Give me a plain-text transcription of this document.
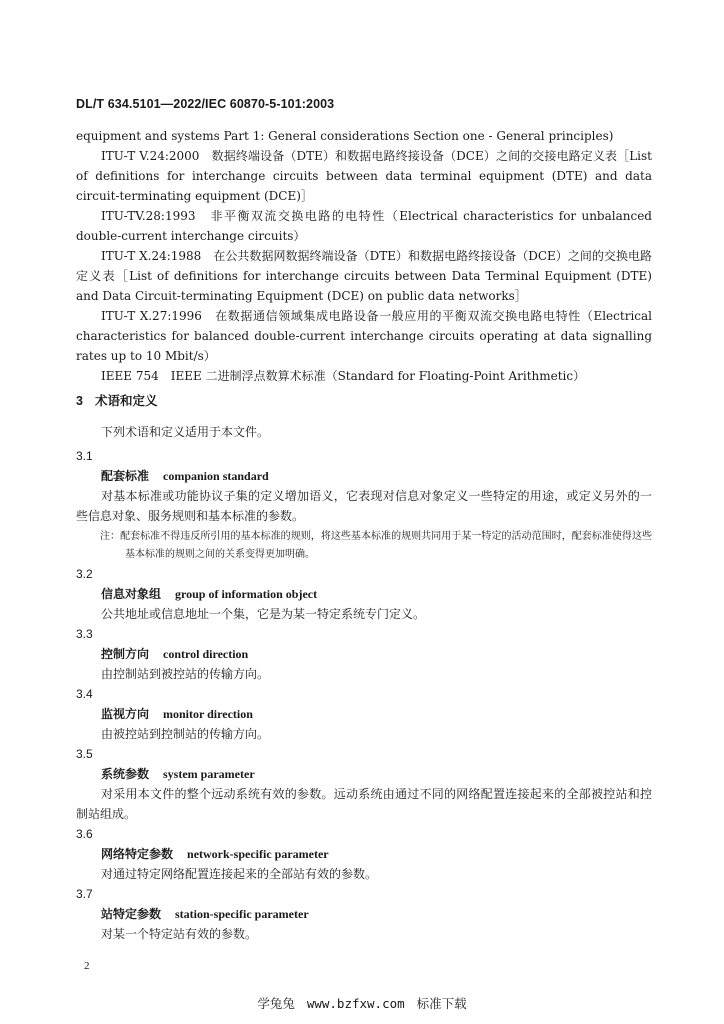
DL/T 634.5101—2022/IEC 60870-5-101:2003

equipment and systems Part 1: General considerations Section one - General principles)

ITU-T V.24:2000　数据终端设备（DTE）和数据电路终接设备（DCE）之间的交接电路定义表［List of definitions for interchange circuits between data terminal equipment (DTE) and data circuit-terminating equipment (DCE)］

ITU-TV.28:1993　非平衡双流交换电路的电特性（Electrical characteristics for unbalanced double-current interchange circuits）

ITU-T X.24:1988　在公共数据网数据终端设备（DTE）和数据电路终接设备（DCE）之间的交换电路定义表［List of definitions for interchange circuits between Data Terminal Equipment (DTE) and Data Circuit-terminating Equipment (DCE) on public data networks］

ITU-T X.27:1996　在数据通信领域集成电路设备一般应用的平衡双流交换电路电特性（Electrical characteristics for balanced double-current interchange circuits operating at data signalling rates up to 10 Mbit/s）

IEEE 754　IEEE 二进制浮点数算术标准（Standard for Floating-Point Arithmetic）

3 术语和定义

下列术语和定义适用于本文件。

3.1

配套标准 companion standard

对基本标准或功能协议子集的定义增加语义，它表现对信息对象定义一些特定的用途，或定义另外的一些信息对象、服务规则和基本标准的参数。

注：配套标准不得违反所引用的基本标准的规则，将这些基本标准的规则共同用于某一特定的活动范围时，配套标准使得这些基本标准的规则之间的关系变得更加明确。

3.2

信息对象组 group of information object

公共地址或信息地址一个集，它是为某一特定系统专门定义。

3.3

控制方向 control direction

由控制站到被控站的传输方向。

3.4

监视方向 monitor direction

由被控站到控制站的传输方向。

3.5

系统参数 system parameter

对采用本文件的整个远动系统有效的参数。远动系统由通过不同的网络配置连接起来的全部被控站和控制站组成。

3.6

网络特定参数 network-specific parameter

对通过特定网络配置连接起来的全部站有效的参数。

3.7

站特定参数 station-specific parameter

对某一个特定站有效的参数。

2
学兔兔 www.bzfxw.com 标准下载
